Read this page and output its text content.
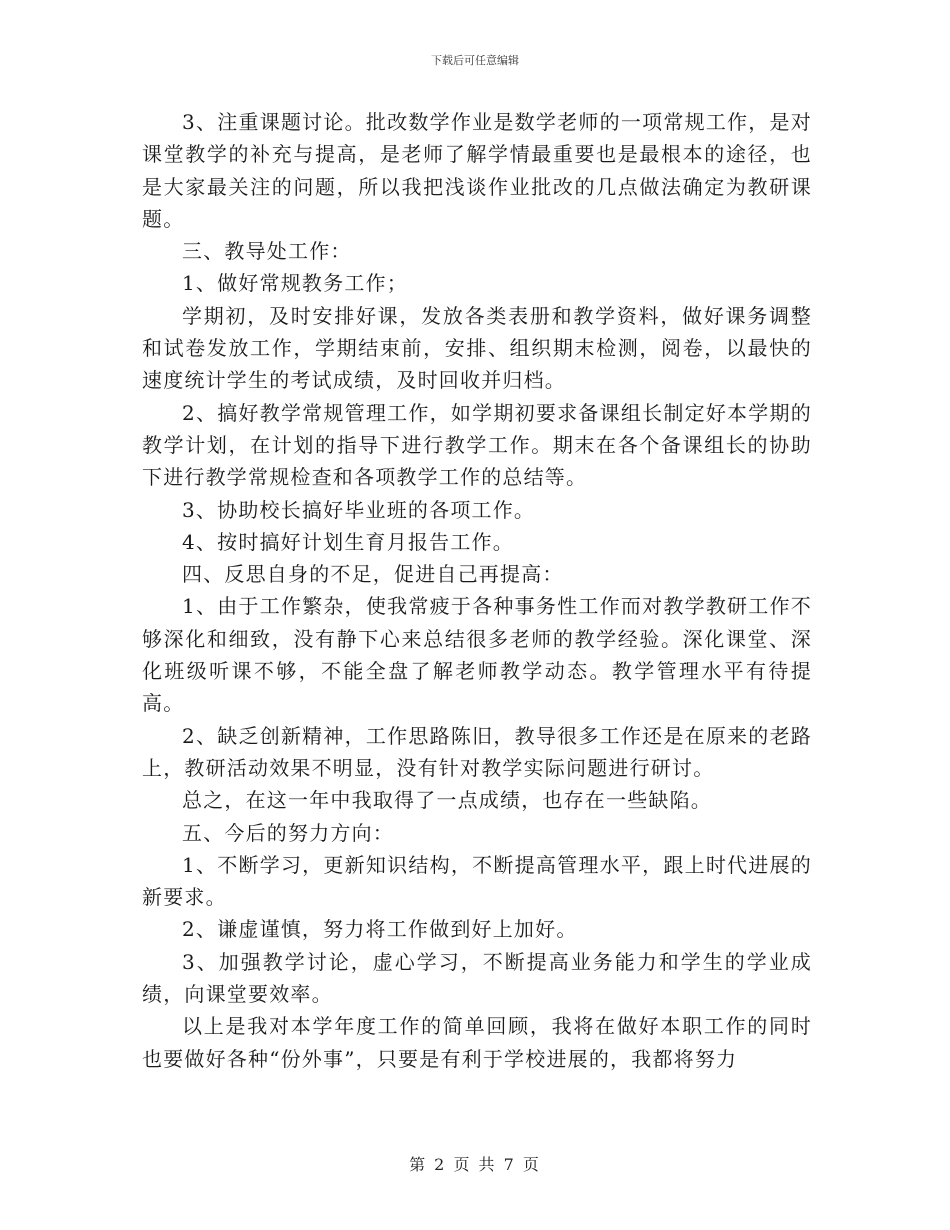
下载后可任意编辑

3、注重课题讨论。批改数学作业是数学老师的一项常规工作，是对课堂教学的补充与提高，是老师了解学情最重要也是最根本的途径，也是大家最关注的问题，所以我把浅谈作业批改的几点做法确定为教研课题。

三、教导处工作：

1、做好常规教务工作；

学期初，及时安排好课，发放各类表册和教学资料，做好课务调整和试卷发放工作，学期结束前，安排、组织期末检测，阅卷，以最快的速度统计学生的考试成绩，及时回收并归档。

2、搞好教学常规管理工作，如学期初要求备课组长制定好本学期的教学计划，在计划的指导下进行教学工作。期末在各个备课组长的协助下进行教学常规检查和各项教学工作的总结等。

3、协助校长搞好毕业班的各项工作。

4、按时搞好计划生育月报告工作。

四、反思自身的不足，促进自己再提高：

1、由于工作繁杂，使我常疲于各种事务性工作而对教学教研工作不够深化和细致，没有静下心来总结很多老师的教学经验。深化课堂、深化班级听课不够，不能全盘了解老师教学动态。教学管理水平有待提高。

2、缺乏创新精神，工作思路陈旧，教导很多工作还是在原来的老路上，教研活动效果不明显，没有针对教学实际问题进行研讨。

总之，在这一年中我取得了一点成绩，也存在一些缺陷。

五、今后的努力方向：

1、不断学习，更新知识结构，不断提高管理水平，跟上时代进展的新要求。

2、谦虚谨慎，努力将工作做到好上加好。

3、加强教学讨论，虚心学习，不断提高业务能力和学生的学业成绩，向课堂要效率。

以上是我对本学年度工作的简单回顾，我将在做好本职工作的同时也要做好各种“份外事”，只要是有利于学校进展的，我都将努力

第 2 页 共 7 页
